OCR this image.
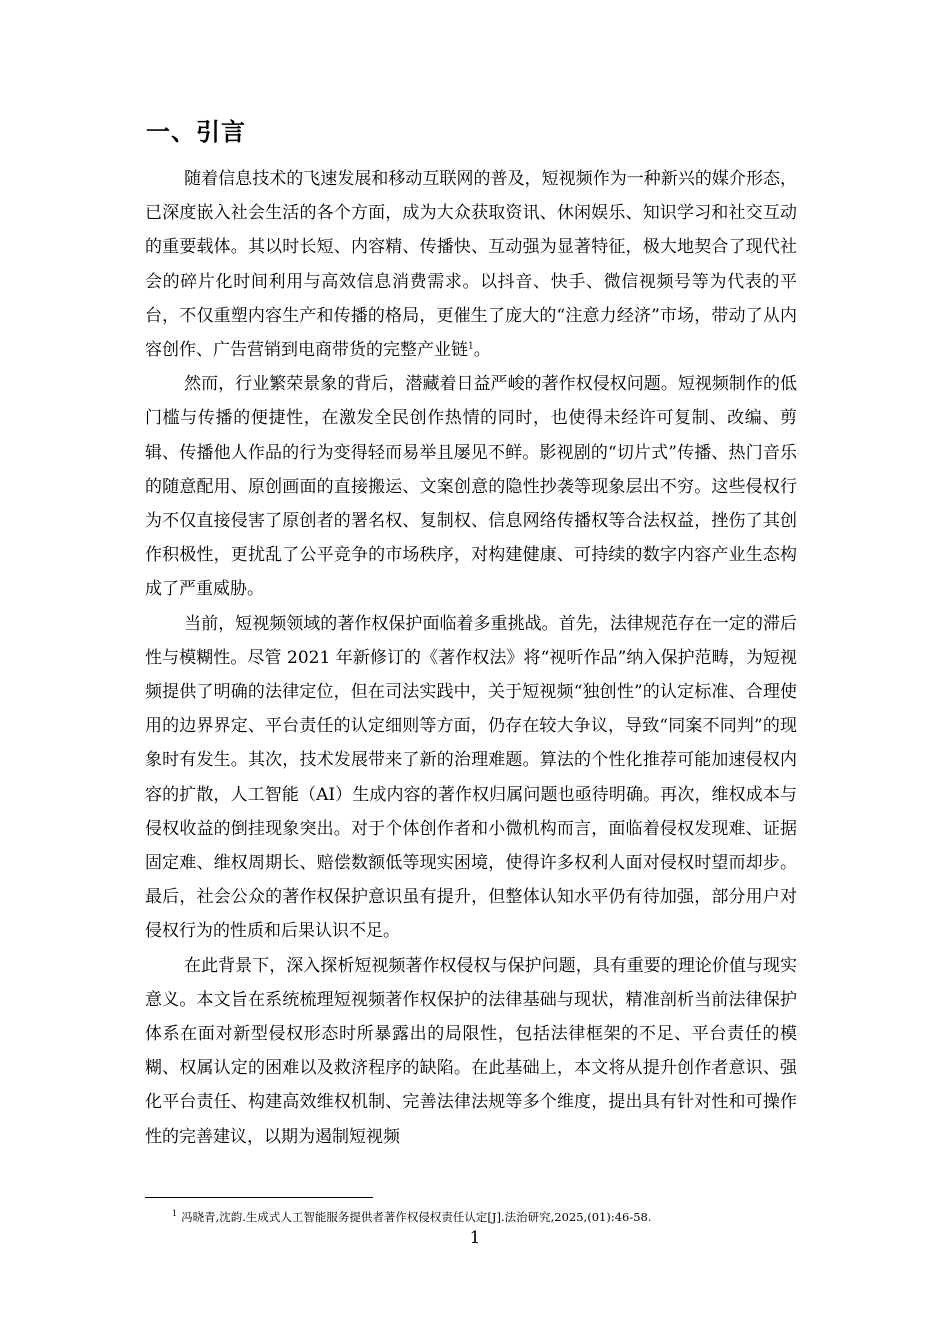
一、引言

随着信息技术的飞速发展和移动互联网的普及，短视频作为一种新兴的媒介形态，已深度嵌入社会生活的各个方面，成为大众获取资讯、休闲娱乐、知识学习和社交互动的重要载体。其以时长短、内容精、传播快、互动强为显著特征，极大地契合了现代社会的碎片化时间利用与高效信息消费需求。以抖音、快手、微信视频号等为代表的平台，不仅重塑内容生产和传播的格局，更催生了庞大的“注意力经济”市场，带动了从内容创作、广告营销到电商带货的完整产业链$^1$。

然而，行业繁荣景象的背后，潜藏着日益严峻的著作权侵权问题。短视频制作的低门槛与传播的便捷性，在激发全民创作热情的同时，也使得未经许可复制、改编、剪辑、传播他人作品的行为变得轻而易举且屡见不鲜。影视剧的“切片式”传播、热门音乐的随意配用、原创画面的直接搬运、文案创意的隐性抄袭等现象层出不穷。这些侵权行为不仅直接侵害了原创者的署名权、复制权、信息网络传播权等合法权益，挫伤了其创作积极性，更扰乱了公平竞争的市场秩序，对构建健康、可持续的数字内容产业生态构成了严重威胁。

当前，短视频领域的著作权保护面临着多重挑战。首先，法律规范存在一定的滞后性与模糊性。尽管 2021 年新修订的《著作权法》将“视听作品”纳入保护范畴，为短视频提供了明确的法律定位，但在司法实践中，关于短视频“独创性”的认定标准、合理使用的边界界定、平台责任的认定细则等方面，仍存在较大争议，导致“同案不同判”的现象时有发生。其次，技术发展带来了新的治理难题。算法的个性化推荐可能加速侵权内容的扩散，人工智能（AI）生成内容的著作权归属问题也亟待明确。再次，维权成本与侵权收益的倒挂现象突出。对于个体创作者和小微机构而言，面临着侵权发现难、证据固定难、维权周期长、赔偿数额低等现实困境，使得许多权利人面对侵权时望而却步。最后，社会公众的著作权保护意识虽有提升，但整体认知水平仍有待加强，部分用户对侵权行为的性质和后果认识不足。

在此背景下，深入探析短视频著作权侵权与保护问题，具有重要的理论价值与现实意义。本文旨在系统梳理短视频著作权保护的法律基础与现状，精准剖析当前法律保护体系在面对新型侵权形态时所暴露出的局限性，包括法律框架的不足、平台责任的模糊、权属认定的困难以及救济程序的缺陷。在此基础上，本文将从提升创作者意识、强化平台责任、构建高效维权机制、完善法律法规等多个维度，提出具有针对性和可操作性的完善建议，以期为遏制短视频

$^1$ 冯晓青,沈韵.生成式人工智能服务提供者著作权侵权责任认定[J].法治研究,2025,(01):46-58.

1
